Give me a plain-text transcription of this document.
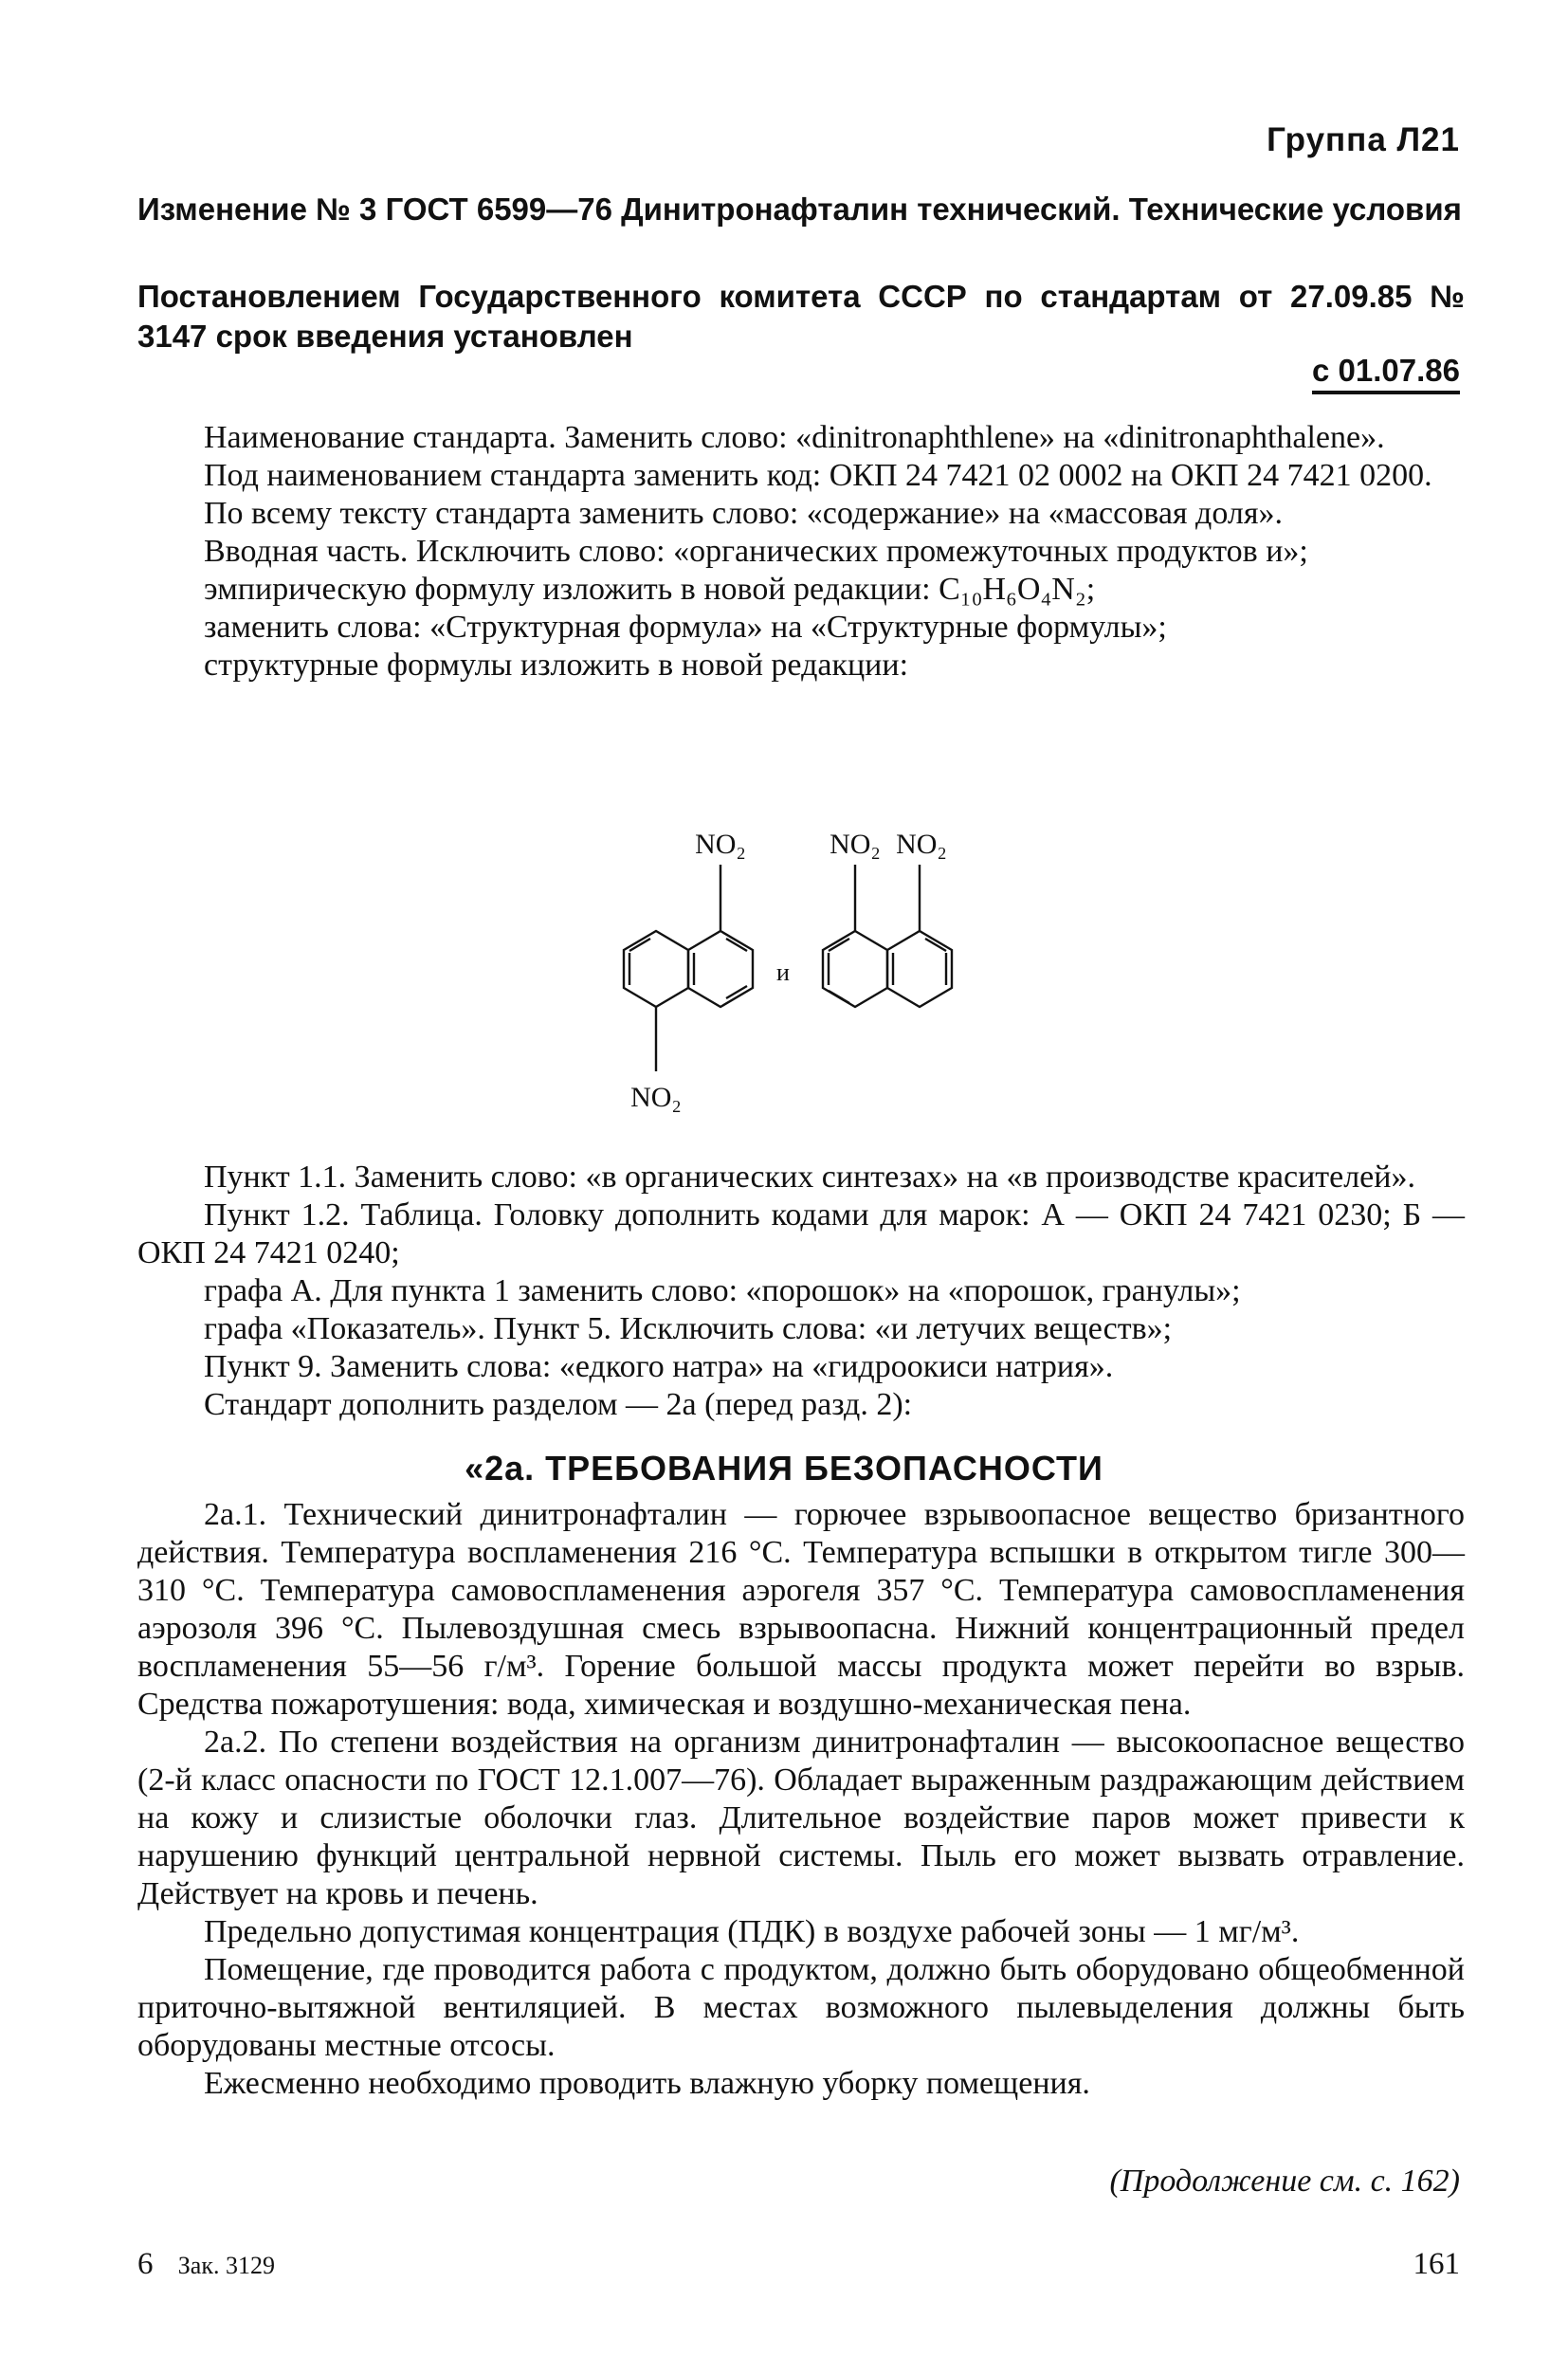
Группа Л21
Изменение № 3 ГОСТ 6599—76 Динитронафталин технический. Технические условия
Постановлением Государственного комитета СССР по стандартам от 27.09.85 № 3147 срок введения установлен
с 01.07.86

Наименование стандарта. Заменить слово: «dinitronaphthlene» на «dinitronaphthalene».

Под наименованием стандарта заменить код: ОКП 24 7421 02 0002 на ОКП 24 7421 0200.

По всему тексту стандарта заменить слово: «содержание» на «массовая доля».

Вводная часть. Исключить слово: «органических промежуточных продуктов и»;

эмпирическую формулу изложить в новой редакции: C₁₀H₆O₄N₂;

заменить слова: «Структурная формула» на «Структурные формулы»;

структурные формулы изложить в новой редакции:

NO₂
NO₂
и
NO₂ NO₂

Пункт 1.1. Заменить слово: «в органических синтезах» на «в производстве красителей».

Пункт 1.2. Таблица. Головку дополнить кодами для марок: А — ОКП 24 7421 0230; Б — ОКП 24 7421 0240;

графа А. Для пункта 1 заменить слово: «порошок» на «порошок, гранулы»;

графа «Показатель». Пункт 5. Исключить слова: «и летучих веществ»;

Пункт 9. Заменить слова: «едкого натра» на «гидроокиси натрия».

Стандарт дополнить разделом — 2а (перед разд. 2):

«2а. ТРЕБОВАНИЯ БЕЗОПАСНОСТИ

2а.1. Технический динитронафталин — горючее взрывоопасное вещество бризантного действия. Температура воспламенения 216 °С. Температура вспышки в открытом тигле 300—310 °С. Температура самовоспламенения аэрогеля 357 °С. Температура самовоспламенения аэрозоля 396 °С. Пылевоздушная смесь взрывоопасна. Нижний концентрационный предел воспламенения 55—56 г/м³. Горение большой массы продукта может перейти во взрыв. Средства пожаротушения: вода, химическая и воздушно-механическая пена.

2а.2. По степени воздействия на организм динитронафталин — высокоопасное вещество (2-й класс опасности по ГОСТ 12.1.007—76). Обладает выраженным раздражающим действием на кожу и слизистые оболочки глаз. Длительное воздействие паров может привести к нарушению функций центральной нервной системы. Пыль его может вызвать отравление. Действует на кровь и печень.

Предельно допустимая концентрация (ПДК) в воздухе рабочей зоны — 1 мг/м³.

Помещение, где проводится работа с продуктом, должно быть оборудовано общеобменной приточно-вытяжной вентиляцией. В местах возможного пылевыделения должны быть оборудованы местные отсосы.

Ежесменно необходимо проводить влажную уборку помещения.

(Продолжение см. с. 162)
6 Зак. 3129	161
